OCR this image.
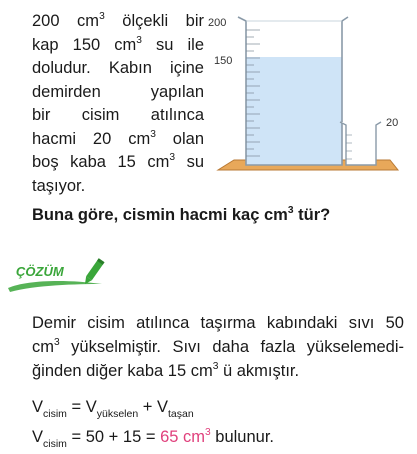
200 $cm^3$ ölçekli bir
kap 150 $cm^3$ su ile
doludur. Kabın içine
demirden yapılan
bir cisim atılınca
hacmi 20 $cm^3$ olan
boş kaba 15 $cm^3$ su
taşıyor.
200
150
20
Buna göre, cismin hacmi kaç $cm^3$ tür?
ÇÖZÜM
Demir cisim atılınca taşırma kabındaki sıvı 50
$cm^3$ yükselmiştir. Sıvı daha fazla yükselemedi-
ğinden diğer kaba 15 $cm^3$ ü akmıştır.
$V_{cisim} = V_{yükselen} + V_{taşan}$
$V_{cisim} = 50 + 15 = 65$ $cm^3$ bulunur.
